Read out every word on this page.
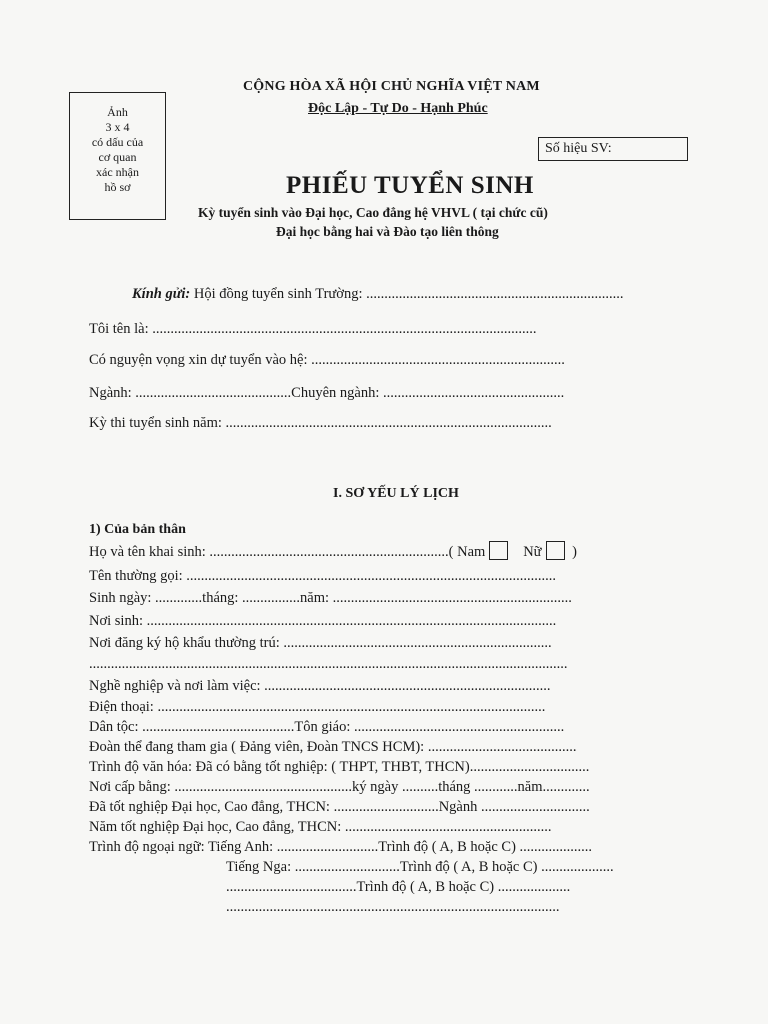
Ảnh
3 x 4
có dấu của
cơ quan
xác nhận
hồ sơ
CỘNG HÒA XÃ HỘI CHỦ NGHĨA VIỆT NAM
Độc Lập - Tự Do - Hạnh Phúc
Số hiệu SV:
PHIẾU TUYỂN SINH
Kỳ tuyển sinh vào Đại học, Cao đẳng hệ VHVL ( tại chức cũ)
Đại học bằng hai và Đào tạo liên thông
Kính gửi: Hội đồng tuyển sinh Trường: .......................................................................
Tôi tên là: ..........................................................................................................
Có nguyện vọng xin dự tuyển vào hệ: ......................................................................
Ngành: ...........................................Chuyên ngành: ..................................................
Kỳ thi tuyển sinh năm: ..........................................................................................
I. SƠ YẾU LÝ LỊCH
1) Của bản thân
Họ và tên khai sinh: ..................................................................( Nam	Nữ )
Tên thường gọi: ......................................................................................................
Sinh ngày: .............tháng: ................năm: ..................................................................
Nơi sinh: .................................................................................................................
Nơi đăng ký hộ khẩu thường trú: ..........................................................................
....................................................................................................................................
Nghề nghiệp và nơi làm việc: ...............................................................................
Điện thoại: ...........................................................................................................
Dân tộc: ..........................................Tôn giáo: ..........................................................
Đoàn thể đang tham gia ( Đảng viên, Đoàn TNCS HCM): .........................................
Trình độ văn hóa: Đã có bằng tốt nghiệp: ( THPT, THBT, THCN).................................
Nơi cấp bằng: .................................................ký ngày ..........tháng ............năm.............
Đã tốt nghiệp Đại học, Cao đẳng, THCN: .............................Ngành ..............................
Năm tốt nghiệp Đại học, Cao đẳng, THCN: .........................................................
Trình độ ngoại ngữ: Tiếng Anh: ............................Trình độ ( A, B hoặc C) ....................
Tiếng Nga: .............................Trình độ ( A, B hoặc C) ....................
....................................Trình độ ( A, B hoặc C) ....................
............................................................................................
